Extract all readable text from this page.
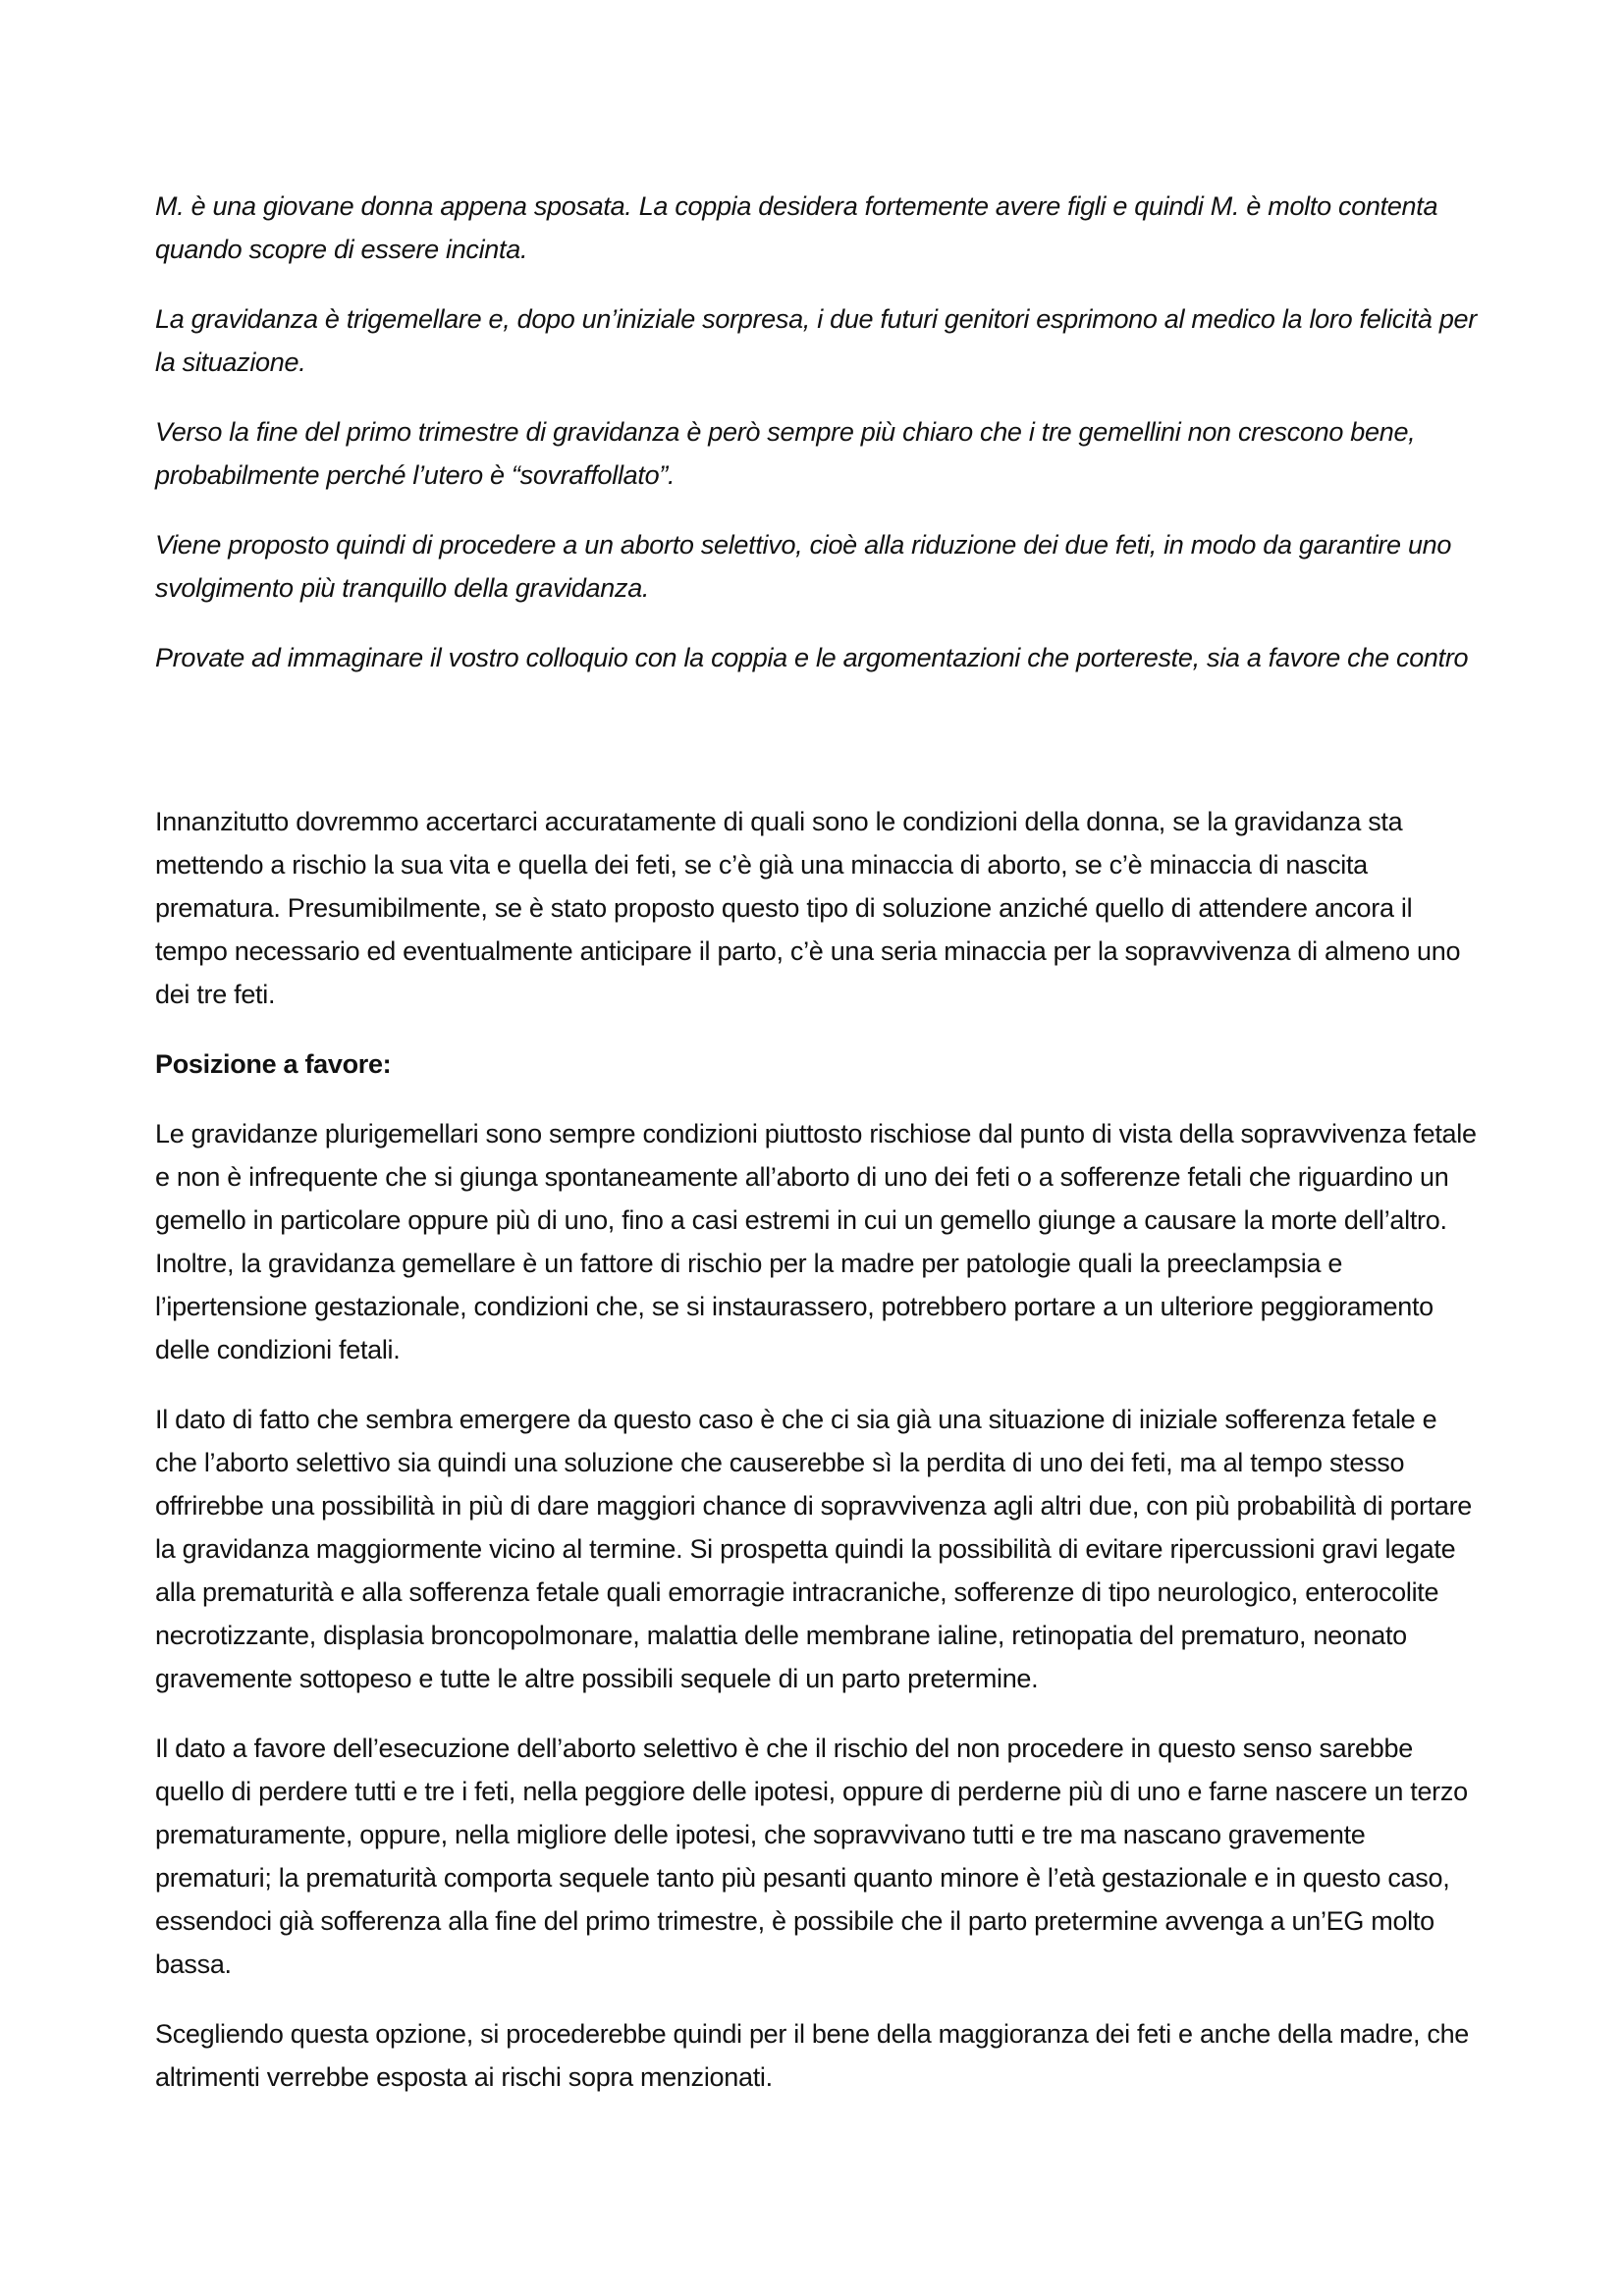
M. è una giovane donna appena sposata. La coppia desidera fortemente avere figli e quindi M. è molto contenta quando scopre di essere incinta.

La gravidanza è trigemellare e, dopo un’iniziale sorpresa, i due futuri genitori esprimono al medico la loro felicità per la situazione.

Verso la fine del primo trimestre di gravidanza è però sempre più chiaro che i tre gemellini non crescono bene, probabilmente perché l’utero è “sovraffollato”.

Viene proposto quindi di procedere a un aborto selettivo, cioè alla riduzione dei due feti, in modo da garantire uno svolgimento più tranquillo della gravidanza.

Provate ad immaginare il vostro colloquio con la coppia e le argomentazioni che portereste, sia a favore che contro

Innanzitutto dovremmo accertarci accuratamente di quali sono le condizioni della donna, se la gravidanza sta mettendo a rischio la sua vita e quella dei feti, se c’è già una minaccia di aborto, se c’è minaccia di nascita prematura. Presumibilmente, se è stato proposto questo tipo di soluzione anziché quello di attendere ancora il tempo necessario ed eventualmente anticipare il parto, c’è una seria minaccia per la sopravvivenza di almeno uno dei tre feti.

Posizione a favore:

Le gravidanze plurigemellari sono sempre condizioni piuttosto rischiose dal punto di vista della sopravvivenza fetale e non è infrequente che si giunga spontaneamente all’aborto di uno dei feti o a sofferenze fetali che riguardino un gemello in particolare oppure più di uno, fino a casi estremi in cui un gemello giunge a causare la morte dell’altro. Inoltre, la gravidanza gemellare è un fattore di rischio per la madre per patologie quali la preeclampsia e l’ipertensione gestazionale, condizioni che, se si instaurassero, potrebbero portare a un ulteriore peggioramento delle condizioni fetali.

Il dato di fatto che sembra emergere da questo caso è che ci sia già una situazione di iniziale sofferenza fetale e che l’aborto selettivo sia quindi una soluzione che causerebbe sì la perdita di uno dei feti, ma al tempo stesso offrirebbe una possibilità in più di dare maggiori chance di sopravvivenza agli altri due, con più probabilità di portare la gravidanza maggiormente vicino al termine. Si prospetta quindi la possibilità di evitare ripercussioni gravi legate alla prematurità e alla sofferenza fetale quali emorragie intracraniche, sofferenze di tipo neurologico, enterocolite necrotizzante, displasia broncopolmonare, malattia delle membrane ialine, retinopatia del prematuro, neonato gravemente sottopeso e tutte le altre possibili sequele di un parto pretermine.

Il dato a favore dell’esecuzione dell’aborto selettivo è che il rischio del non procedere in questo senso sarebbe quello di perdere tutti e tre i feti, nella peggiore delle ipotesi, oppure di perderne più di uno e farne nascere un terzo prematuramente, oppure, nella migliore delle ipotesi, che sopravvivano tutti e tre ma nascano gravemente prematuri; la prematurità comporta sequele tanto più pesanti quanto minore è l’età gestazionale e in questo caso, essendoci già sofferenza alla fine del primo trimestre, è possibile che il parto pretermine avvenga a un’EG molto bassa.

Scegliendo questa opzione, si procederebbe quindi per il bene della maggioranza dei feti e anche della madre, che altrimenti verrebbe esposta ai rischi sopra menzionati.
